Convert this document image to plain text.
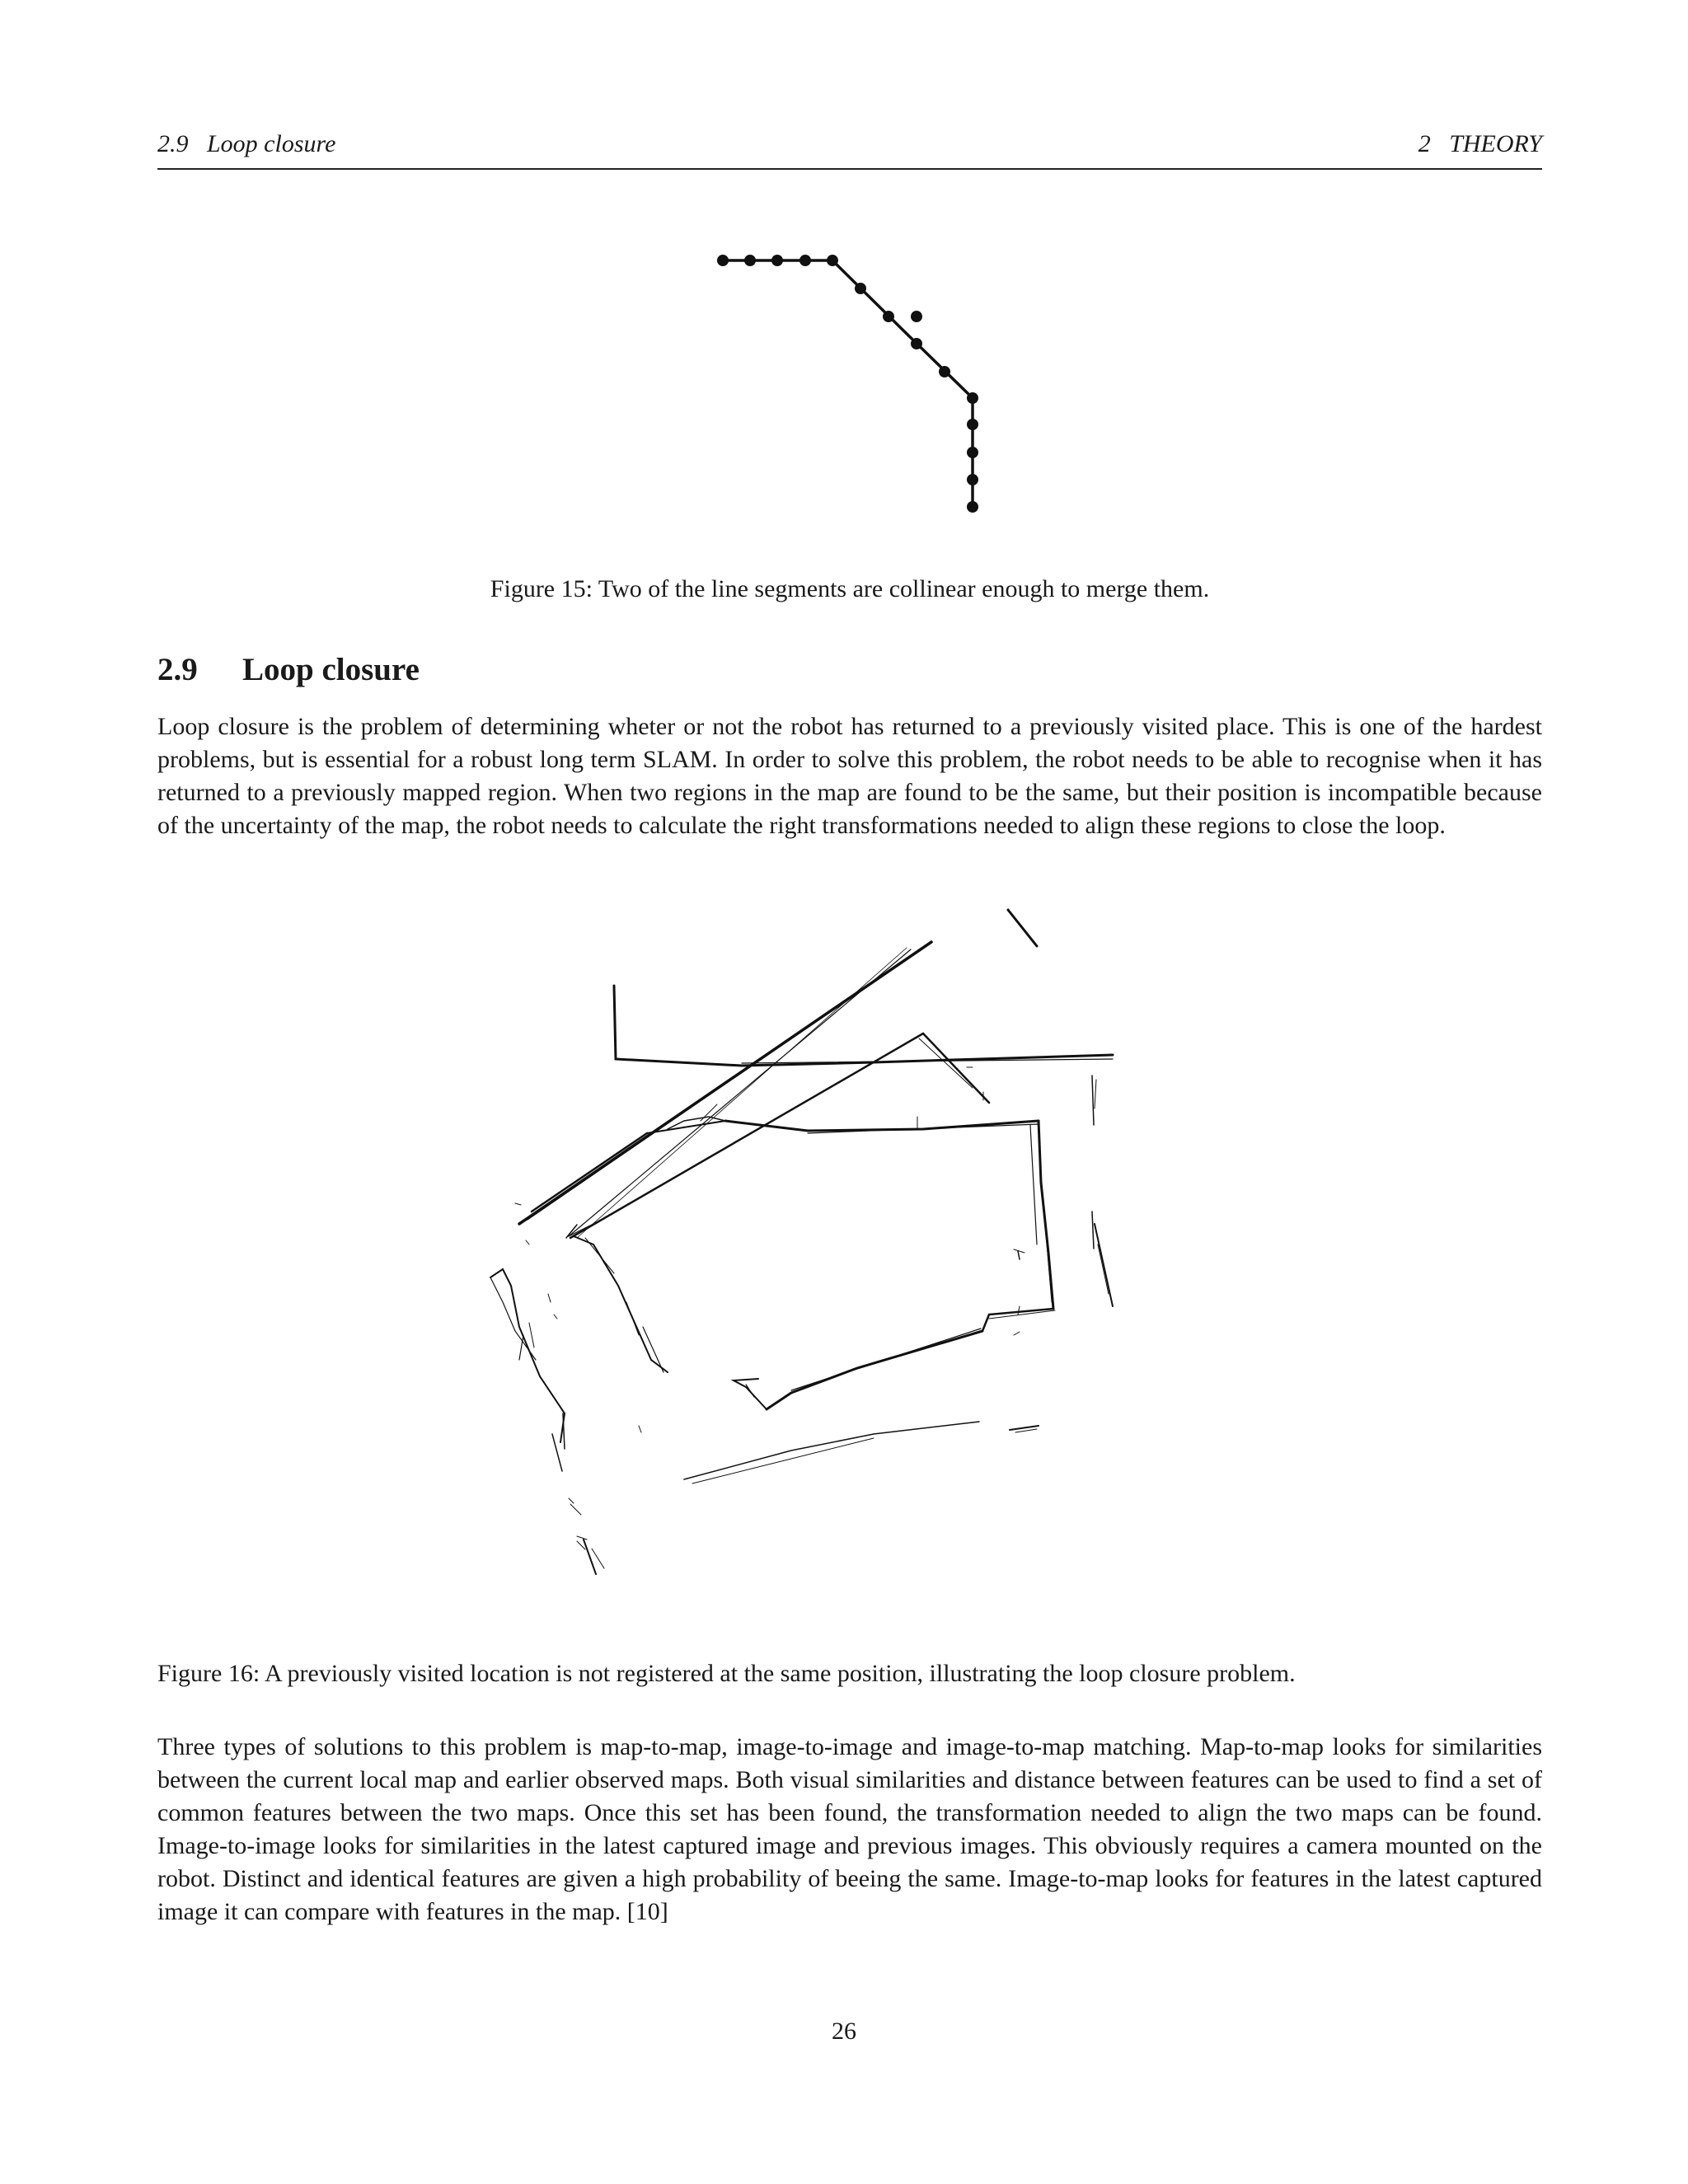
2.9   Loop closure	2   THEORY
Figure 15: Two of the line segments are collinear enough to merge them.
2.9 Loop closure
Loop closure is the problem of determining wheter or not the robot has returned to a previously visited place. This is one of the hardest problems, but is essential for a robust long term SLAM. In order to solve this problem, the robot needs to be able to recognise when it has returned to a previously mapped region. When two regions in the map are found to be the same, but their position is incompatible because of the uncertainty of the map, the robot needs to calculate the right transformations needed to align these regions to close the loop.
Figure 16: A previously visited location is not registered at the same position, illustrating the loop closure problem.
Three types of solutions to this problem is map-to-map, image-to-image and image-to-map matching. Map-to-map looks for similarities between the current local map and earlier observed maps. Both visual similarities and distance between features can be used to find a set of common features between the two maps. Once this set has been found, the transformation needed to align the two maps can be found. Image-to-image looks for similarities in the latest captured image and previous images. This obviously requires a camera mounted on the robot. Distinct and identical features are given a high probability of beeing the same. Image-to-map looks for features in the latest captured image it can compare with features in the map. [10]
26
